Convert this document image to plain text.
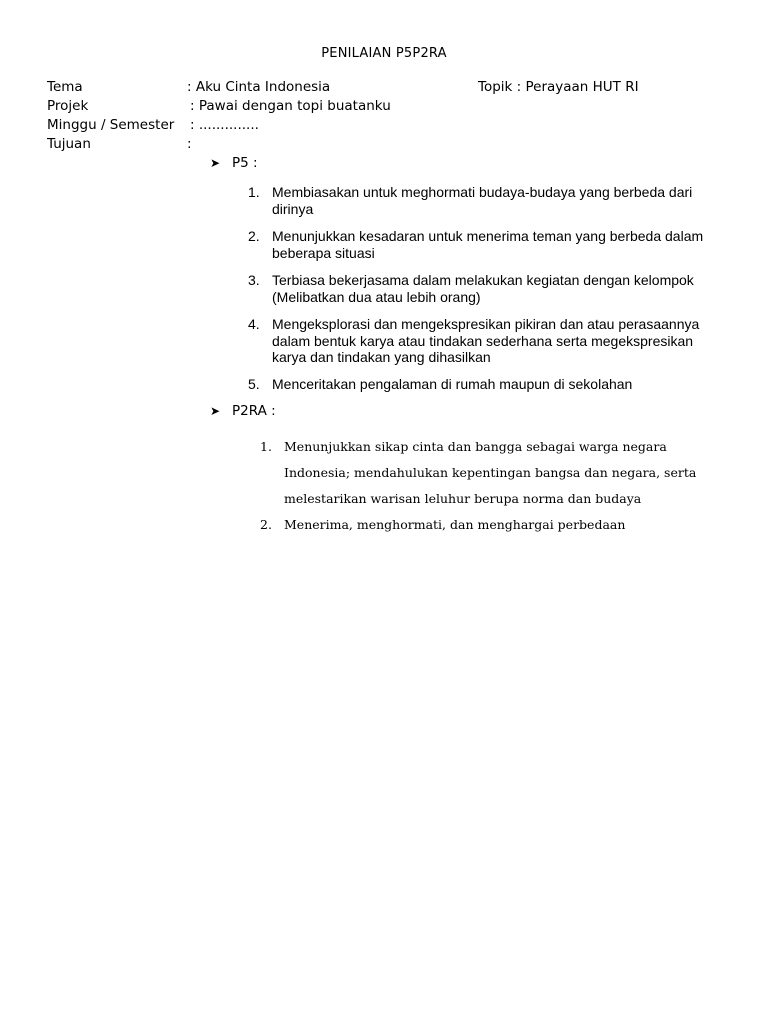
PENILAIAN P5P2RA
Tema	: Aku Cinta Indonesia	Topik : Perayaan HUT RI
Projek	: Pawai dengan topi buatanku
Minggu / Semester : ..............
Tujuan	:
➤ P5 :
1. Membiasakan untuk meghormati budaya-budaya yang berbeda dari dirinya
2. Menunjukkan kesadaran untuk menerima teman yang berbeda dalam beberapa situasi
3. Terbiasa bekerjasama dalam melakukan kegiatan dengan kelompok (Melibatkan dua atau lebih orang)
4. Mengeksplorasi dan mengekspresikan pikiran dan atau perasaannya dalam bentuk karya atau tindakan sederhana serta megekspresikan karya dan tindakan yang dihasilkan
5. Menceritakan pengalaman di rumah maupun di sekolahan
➤ P2RA :
1. Menunjukkan sikap cinta dan bangga sebagai warga negara Indonesia; mendahulukan kepentingan bangsa dan negara, serta melestarikan warisan leluhur berupa norma dan budaya
2. Menerima, menghormati, dan menghargai perbedaan
